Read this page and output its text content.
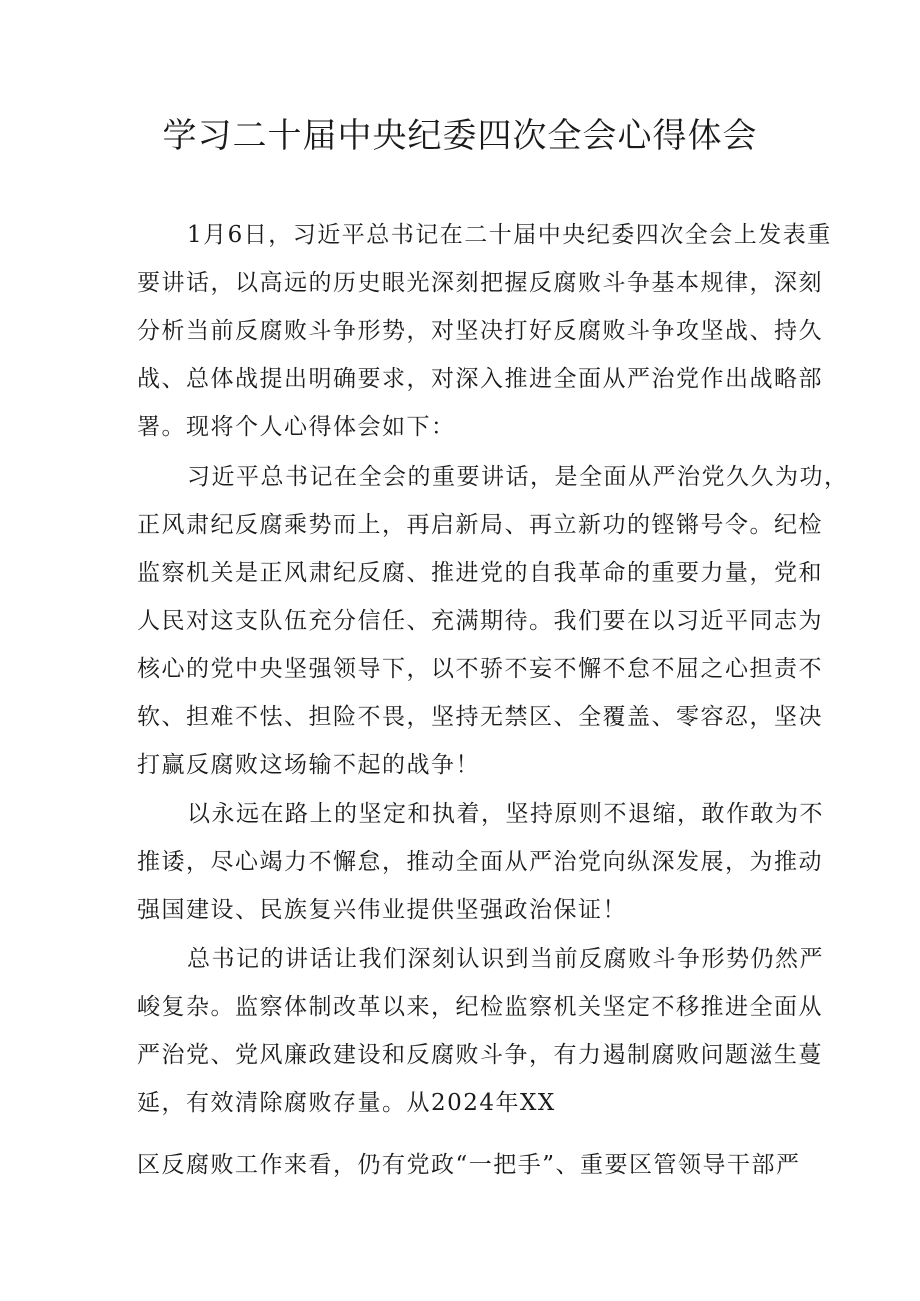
学习二十届中央纪委四次全会心得体会
1月6日，习近平总书记在二十届中央纪委四次全会上发表重
要讲话，以高远的历史眼光深刻把握反腐败斗争基本规律，深刻
分析当前反腐败斗争形势，对坚决打好反腐败斗争攻坚战、持久
战、总体战提出明确要求，对深入推进全面从严治党作出战略部
署。现将个人心得体会如下：
习近平总书记在全会的重要讲话，是全面从严治党久久为功，
正风肃纪反腐乘势而上，再启新局、再立新功的铿锵号令。纪检
监察机关是正风肃纪反腐、推进党的自我革命的重要力量，党和
人民对这支队伍充分信任、充满期待。我们要在以习近平同志为
核心的党中央坚强领导下，以不骄不妄不懈不怠不屈之心担责不
软、担难不怯、担险不畏，坚持无禁区、全覆盖、零容忍，坚决
打赢反腐败这场输不起的战争！
以永远在路上的坚定和执着，坚持原则不退缩，敢作敢为不
推诿，尽心竭力不懈怠，推动全面从严治党向纵深发展，为推动
强国建设、民族复兴伟业提供坚强政治保证！
总书记的讲话让我们深刻认识到当前反腐败斗争形势仍然严
峻复杂。监察体制改革以来，纪检监察机关坚定不移推进全面从
严治党、党风廉政建设和反腐败斗争，有力遏制腐败问题滋生蔓
延，有效清除腐败存量。从2024年XX
区反腐败工作来看，仍有党政“一把手”、重要区管领导干部严
